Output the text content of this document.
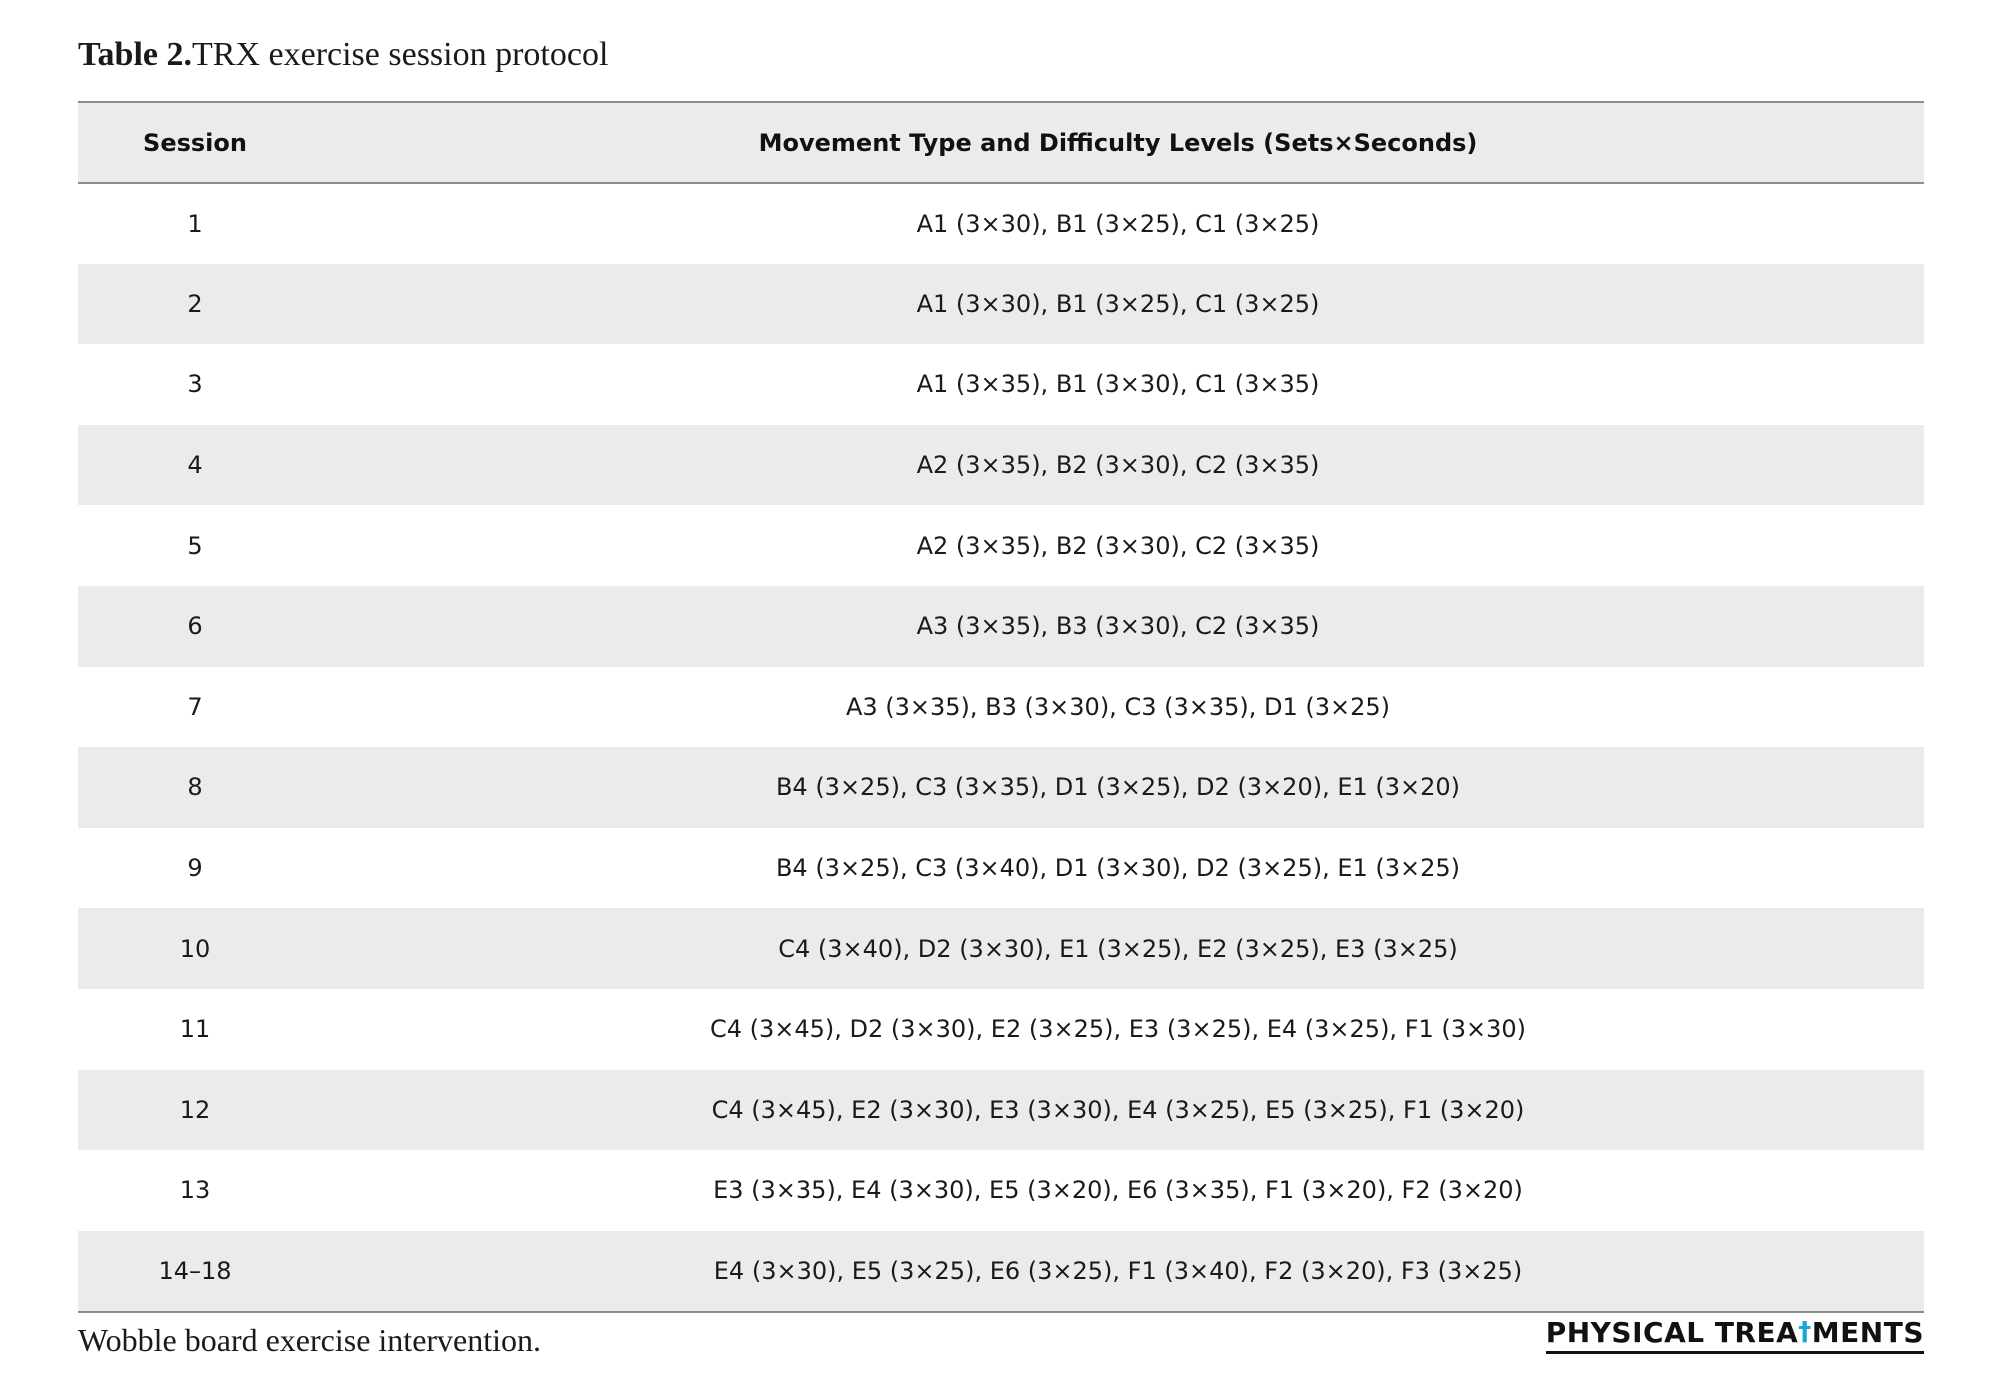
Table 2.TRX exercise session protocol
Session	Movement Type and Difficulty Levels (Sets×Seconds)
1	A1 (3×30), B1 (3×25), C1 (3×25)
2	A1 (3×30), B1 (3×25), C1 (3×25)
3	A1 (3×35), B1 (3×30), C1 (3×35)
4	A2 (3×35), B2 (3×30), C2 (3×35)
5	A2 (3×35), B2 (3×30), C2 (3×35)
6	A3 (3×35), B3 (3×30), C2 (3×35)
7	A3 (3×35), B3 (3×30), C3 (3×35), D1 (3×25)
8	B4 (3×25), C3 (3×35), D1 (3×25), D2 (3×20), E1 (3×20)
9	B4 (3×25), C3 (3×40), D1 (3×30), D2 (3×25), E1 (3×25)
10	C4 (3×40), D2 (3×30), E1 (3×25), E2 (3×25), E3 (3×25)
11	C4 (3×45), D2 (3×30), E2 (3×25), E3 (3×25), E4 (3×25), F1 (3×30)
12	C4 (3×45), E2 (3×30), E3 (3×30), E4 (3×25), E5 (3×25), F1 (3×20)
13	E3 (3×35), E4 (3×30), E5 (3×20), E6 (3×35), F1 (3×20), F2 (3×20)
14–18	E4 (3×30), E5 (3×25), E6 (3×25), F1 (3×40), F2 (3×20), F3 (3×25)
Wobble board exercise intervention.	PHYSICAL TREA†MENTS
